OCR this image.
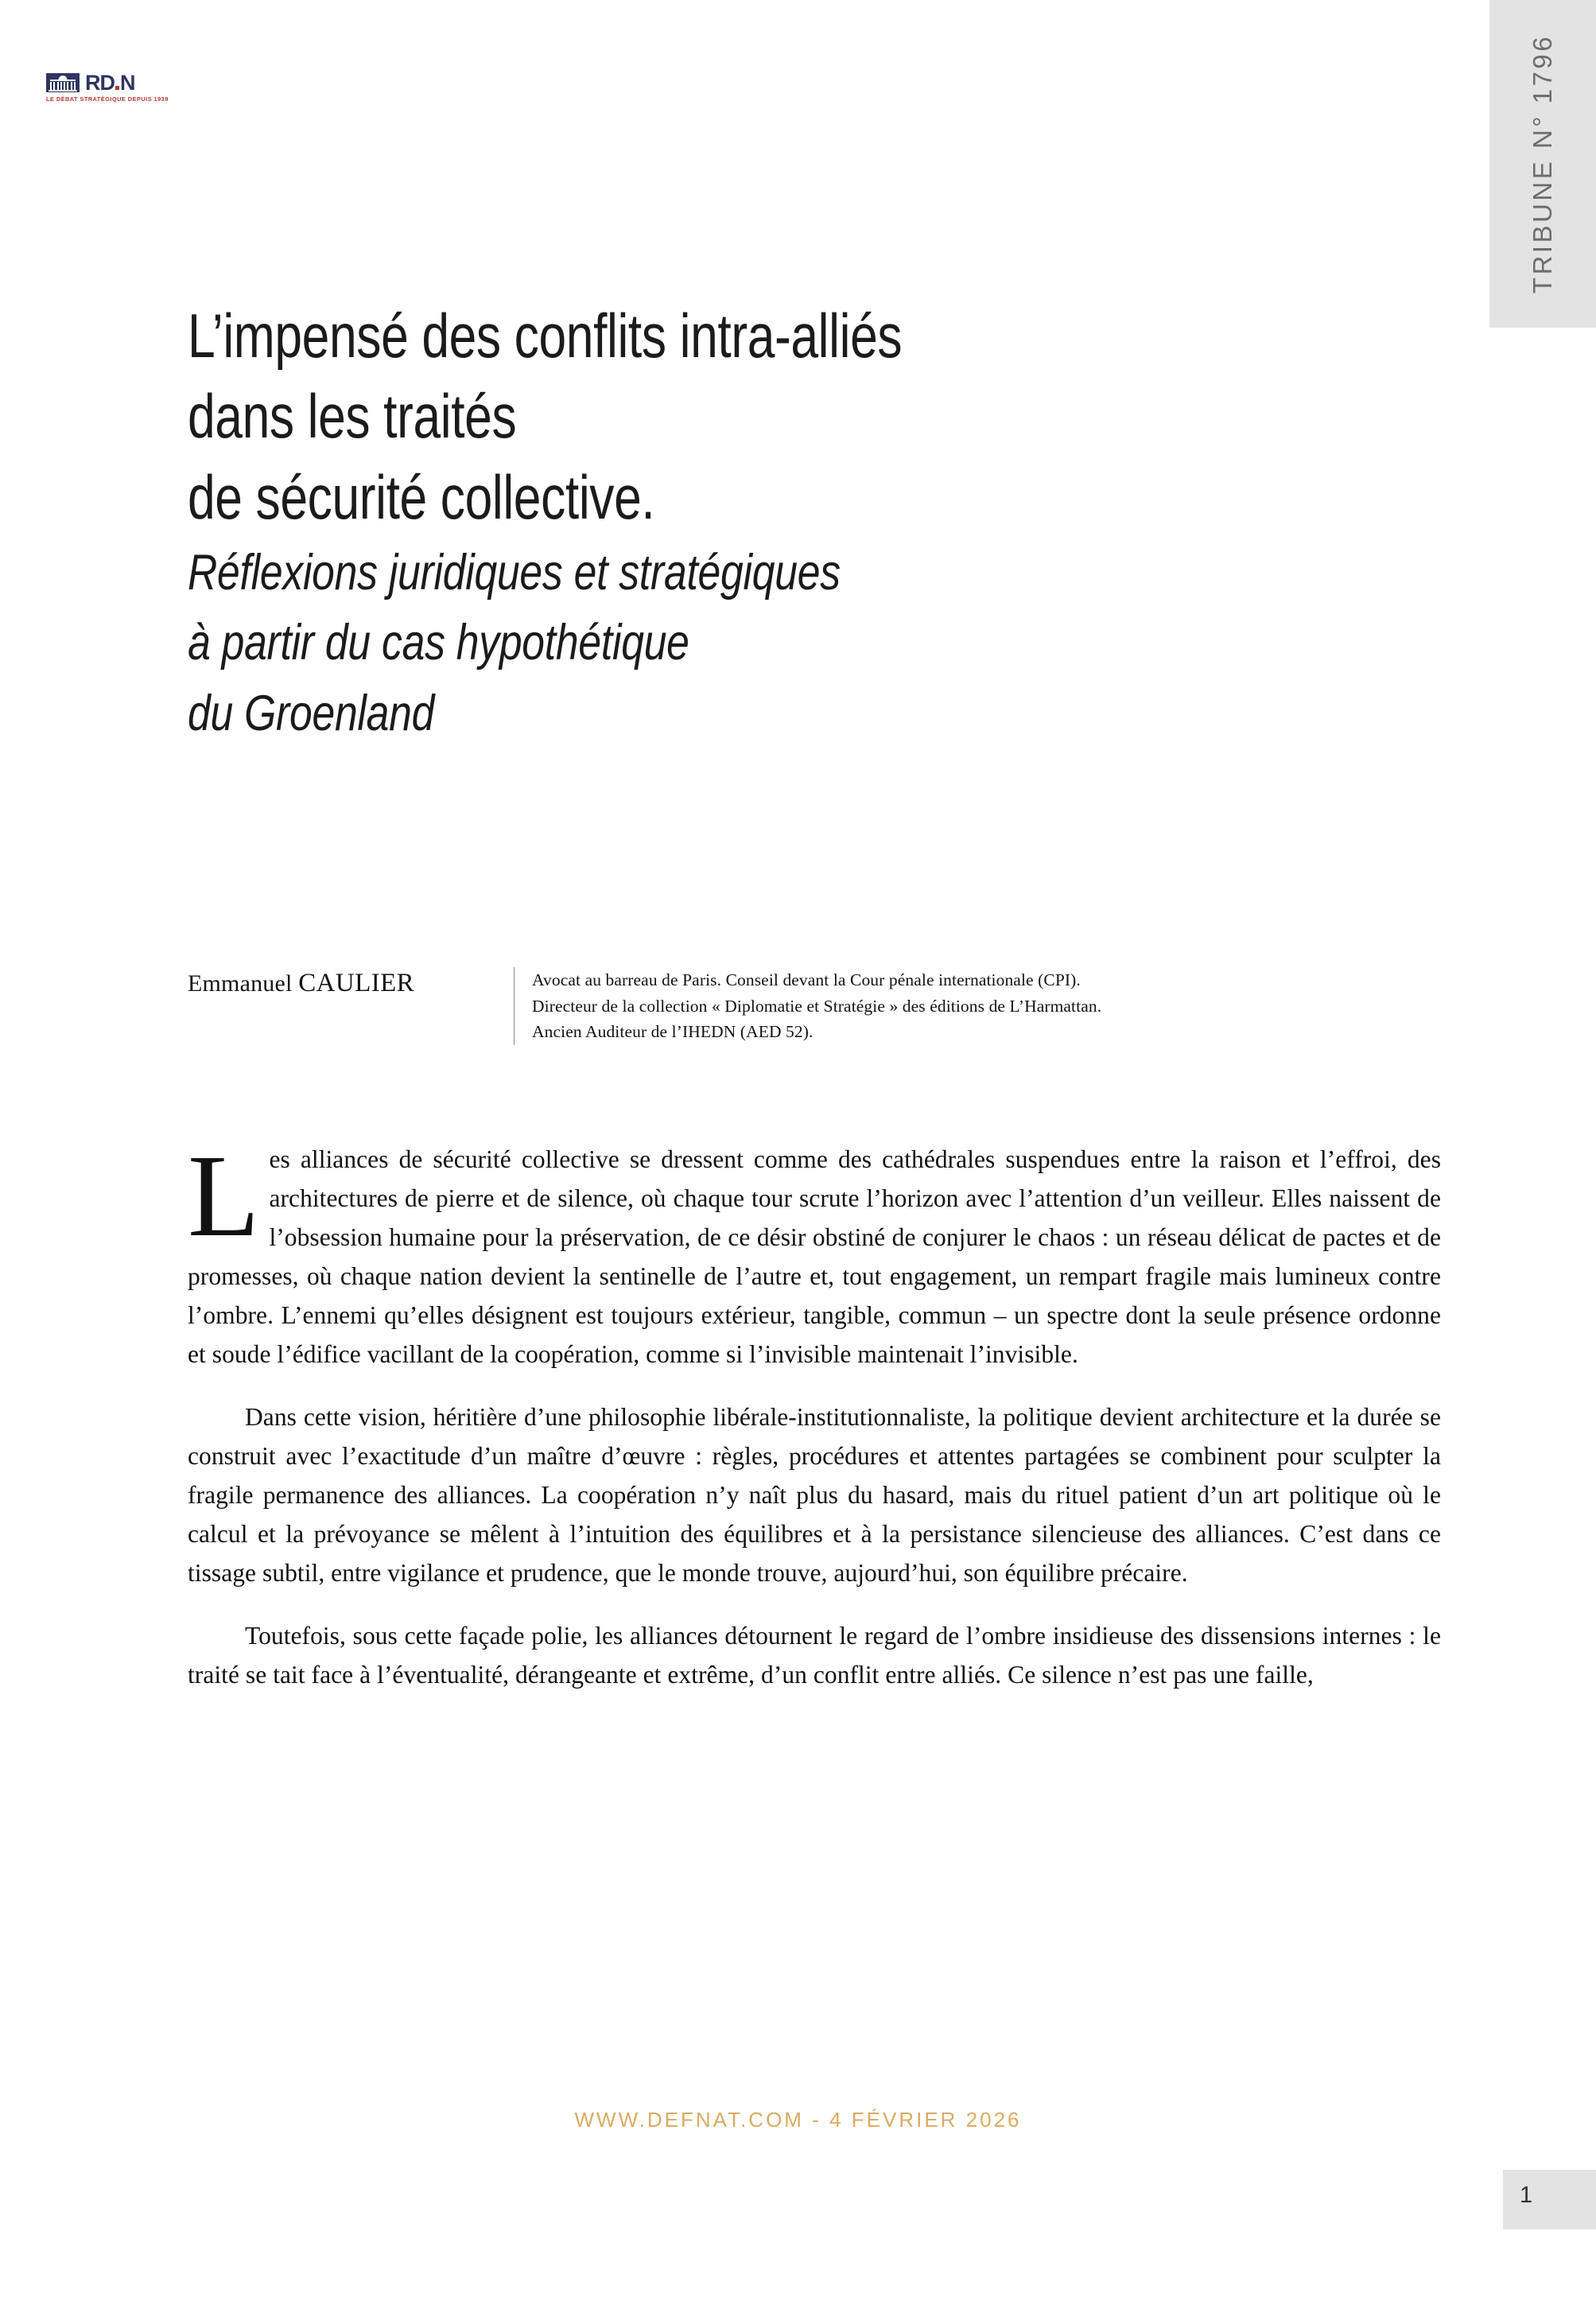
RD N
LE DÉBAT STRATÉGIQUE DEPUIS 1939	TRIBUNE N° 1796
L’impensé des conflits intra-alliés
dans les traités
de sécurité collective.
Réflexions juridiques et stratégiques
à partir du cas hypothétique
du Groenland
Emmanuel CAULIER	Avocat au barreau de Paris. Conseil devant la Cour pénale internationale (CPI).
Directeur de la collection « Diplomatie et Stratégie » des éditions de L’Harmattan.
Ancien Auditeur de l’IHEDN (AED 52).

Les alliances de sécurité collective se dressent comme des cathédrales suspendues entre la raison et l’effroi, des architectures de pierre et de silence, où chaque tour scrute l’horizon avec l’attention d’un veilleur. Elles naissent de l’obsession humaine pour la préservation, de ce désir obstiné de conjurer le chaos : un réseau délicat de pactes et de promesses, où chaque nation devient la sentinelle de l’autre et, tout engagement, un rempart fragile mais lumineux contre l’ombre. L’ennemi qu’elles désignent est toujours extérieur, tangible, commun – un spectre dont la seule présence ordonne et soude l’édifice vacillant de la coopération, comme si l’invisible maintenait l’invisible.

Dans cette vision, héritière d’une philosophie libérale-institutionnaliste, la politique devient architecture et la durée se construit avec l’exactitude d’un maître d’œuvre : règles, procédures et attentes partagées se combinent pour sculpter la fragile permanence des alliances. La coopération n’y naît plus du hasard, mais du rituel patient d’un art politique où le calcul et la prévoyance se mêlent à l’intuition des équilibres et à la persistance silencieuse des alliances. C’est dans ce tissage subtil, entre vigilance et prudence, que le monde trouve, aujourd’hui, son équilibre précaire.

Toutefois, sous cette façade polie, les alliances détournent le regard de l’ombre insidieuse des dissensions internes : le traité se tait face à l’éventualité, dérangeante et extrême, d’un conflit entre alliés. Ce silence n’est pas une faille,

WWW.DEFNAT.COM - 4 FÉVRIER 2026
1
